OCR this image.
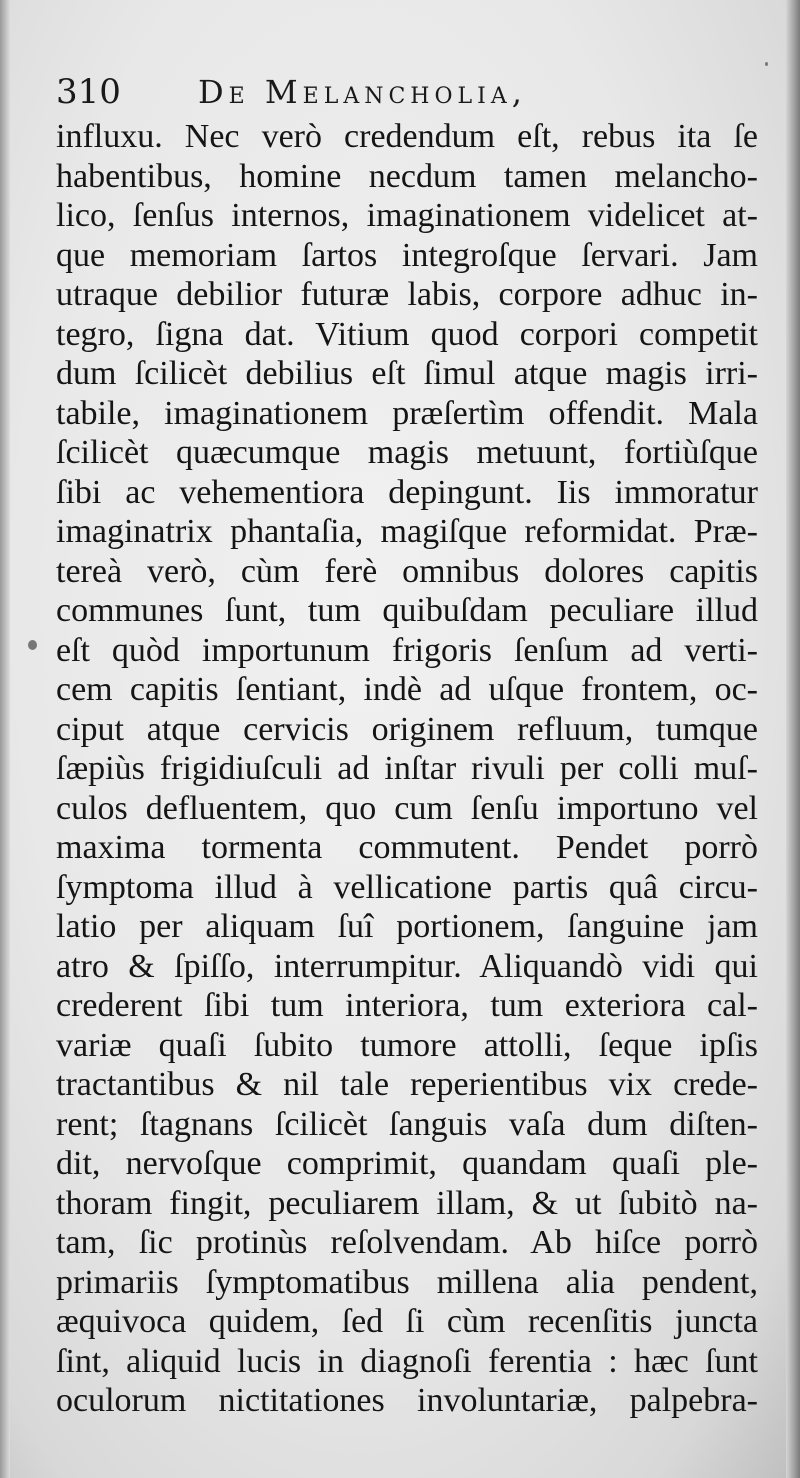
310 De Melancholia,
influxu. Nec verò credendum eſt, rebus ita ſe
habentibus, homine necdum tamen melancho-
lico, ſenſus internos, imaginationem videlicet at-
que memoriam ſartos integroſque ſervari. Jam
utraque debilior futuræ labis, corpore adhuc in-
tegro, ſigna dat. Vitium quod corpori competit
dum ſcilicèt debilius eſt ſimul atque magis irri-
tabile, imaginationem præſertìm offendit. Mala
ſcilicèt quæcumque magis metuunt, fortiùſque
ſibi ac vehementiora depingunt. Iis immoratur
imaginatrix phantaſia, magiſque reformidat. Præ-
tereà verò, cùm ferè omnibus dolores capitis
communes ſunt, tum quibuſdam peculiare illud
eſt quòd importunum frigoris ſenſum ad verti-
cem capitis ſentiant, indè ad uſque frontem, oc-
ciput atque cervicis originem refluum, tumque
ſæpiùs frigidiuſculi ad inſtar rivuli per colli muſ-
culos defluentem, quo cum ſenſu importuno vel
maxima tormenta commutent. Pendet porrò
ſymptoma illud à vellicatione partis quâ circu-
latio per aliquam ſuî portionem, ſanguine jam
atro & ſpiſſo, interrumpitur. Aliquandò vidi qui
crederent ſibi tum interiora, tum exteriora cal-
variæ quaſi ſubito tumore attolli, ſeque ipſis
tractantibus & nil tale reperientibus vix crede-
rent; ſtagnans ſcilicèt ſanguis vaſa dum diſten-
dit, nervoſque comprimit, quandam quaſi ple-
thoram fingit, peculiarem illam, & ut ſubitò na-
tam, ſic protinùs reſolvendam. Ab hiſce porrò
primariis ſymptomatibus millena alia pendent,
æquivoca quidem, ſed ſi cùm recenſitis juncta
ſint, aliquid lucis in diagnoſi ferentia : hæc ſunt
oculorum nictitationes involuntariæ, palpebra-
